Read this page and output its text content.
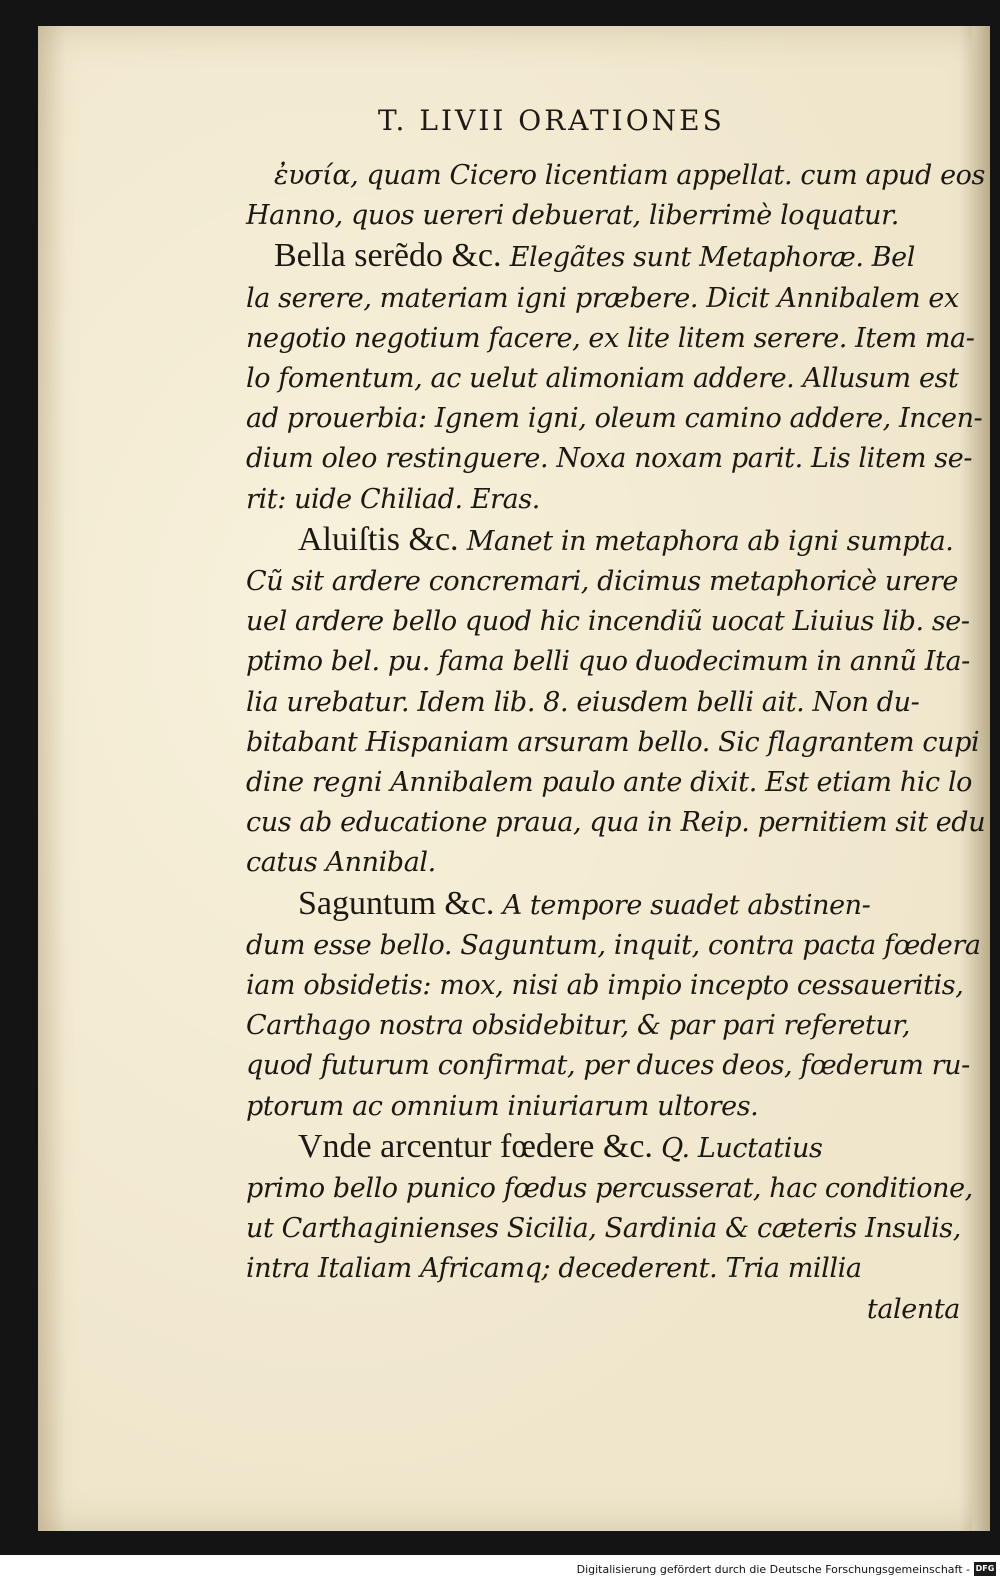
T. LIVII ORATIONES
ἐυσία, quam Cicero licentiam appellat. cum apud eos
Hanno, quos uereri debuerat, liberrimè loquatur.
Bella serẽdo &c. Elegãtes sunt Metaphoræ. Bel
la serere, materiam igni præbere. Dicit Annibalem ex
negotio negotium facere, ex lite litem serere. Item ma-
lo fomentum, ac uelut alimoniam addere. Allusum est
ad prouerbia: Ignem igni, oleum camino addere, Incen-
dium oleo restinguere. Noxa noxam parit. Lis litem se-
rit: uide Chiliad. Eras.
Aluiſtis &c. Manet in metaphora ab igni sumpta.
Cũ sit ardere concremari, dicimus metaphoricè urere
uel ardere bello quod hic incendiũ uocat Liuius lib. se-
ptimo bel. pu. fama belli quo duodecimum in annũ Ita-
lia urebatur. Idem lib. 8. eiusdem belli ait. Non du-
bitabant Hispaniam arsuram bello. Sic flagrantem cupi
dine regni Annibalem paulo ante dixit. Est etiam hic lo
cus ab educatione praua, qua in Reip. pernitiem sit edu
catus Annibal.
Saguntum &c. A tempore suadet abstinen-
dum esse bello. Saguntum, inquit, contra pacta fœdera
iam obsidetis: mox, nisi ab impio incepto cessaueritis,
Carthago nostra obsidebitur, & par pari referetur,
quod futurum confirmat, per duces deos, fœderum ru-
ptorum ac omnium iniuriarum ultores.
Vnde arcentur fœdere &c. Q. Luctatius
primo bello punico fœdus percusserat, hac conditione,
ut Carthaginienses Sicilia, Sardinia & cæteris Insulis,
intra Italiam Africamq; decederent. Tria millia
talenta
Digitalisierung gefördert durch die Deutsche Forschungsgemeinschaft - DFG
